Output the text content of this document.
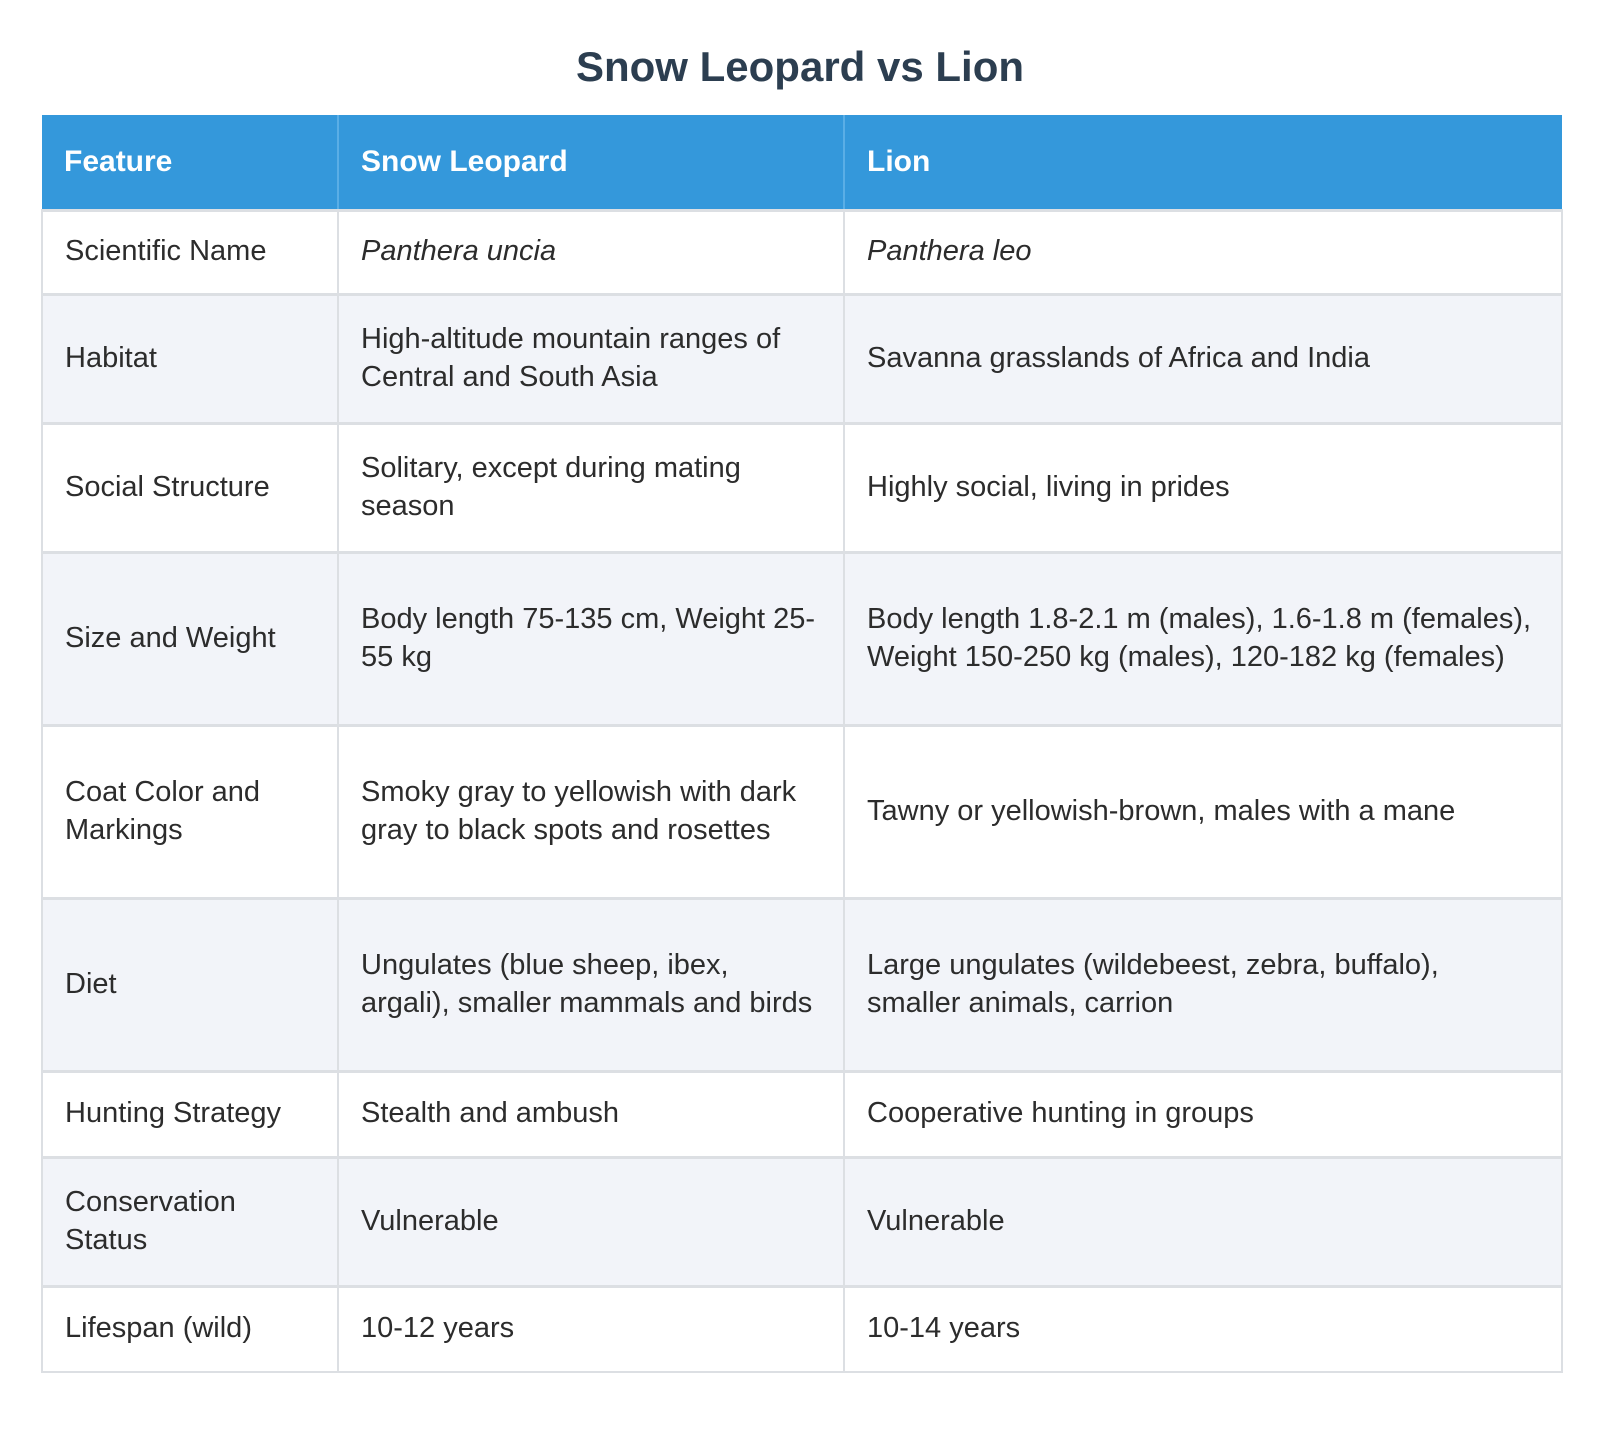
Snow Leopard vs Lion
Feature	Snow Leopard	Lion
Scientific Name	Panthera uncia	Panthera leo
Habitat	High-altitude mountain ranges of Central and South Asia	Savanna grasslands of Africa and India
Social Structure	Solitary, except during mating season	Highly social, living in prides
Size and Weight	Body length 75-135 cm, Weight 25-55 kg	Body length 1.8-2.1 m (males), 1.6-1.8 m (females), Weight 150-250 kg (males), 120-182 kg (females)
Coat Color and Markings	Smoky gray to yellowish with dark gray to black spots and rosettes	Tawny or yellowish-brown, males with a mane
Diet	Ungulates (blue sheep, ibex, argali), smaller mammals and birds	Large ungulates (wildebeest, zebra, buffalo), smaller animals, carrion
Hunting Strategy	Stealth and ambush	Cooperative hunting in groups
Conservation Status	Vulnerable	Vulnerable
Lifespan (wild)	10-12 years	10-14 years
